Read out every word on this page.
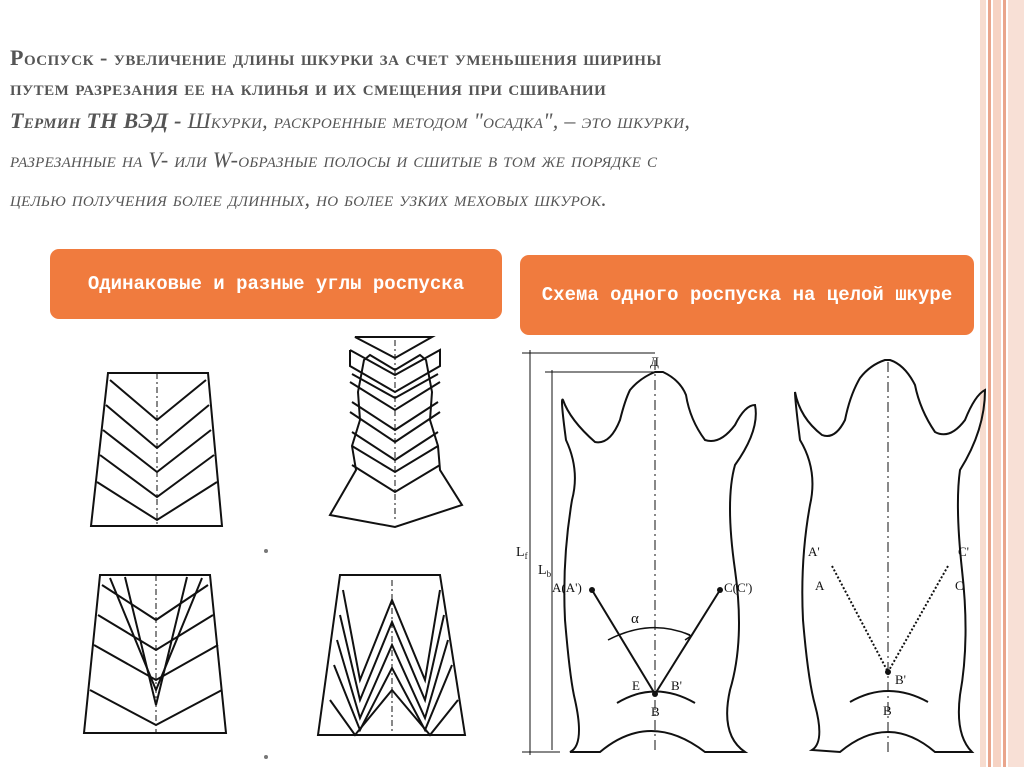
Роспуск - увеличение длины шкурки за счет уменьшения ширины
путем разрезания ее на клинья и их смещения при сшивании
Термин ТН ВЭД - Шкурки, раскроенные методом "осадка", – это шкурки,
разрезанные на V- или W-образные полосы и сшитые в том же порядке с
целью получения более длинных, но более узких меховых шкурок.
Одинаковые и разные углы роспуска	Схема одного роспуска на целой шкуре
Д
$L_f$
$L_b$
A(A')	C(C')
α
E B'
B
A'
A
C'
C
B'
B
